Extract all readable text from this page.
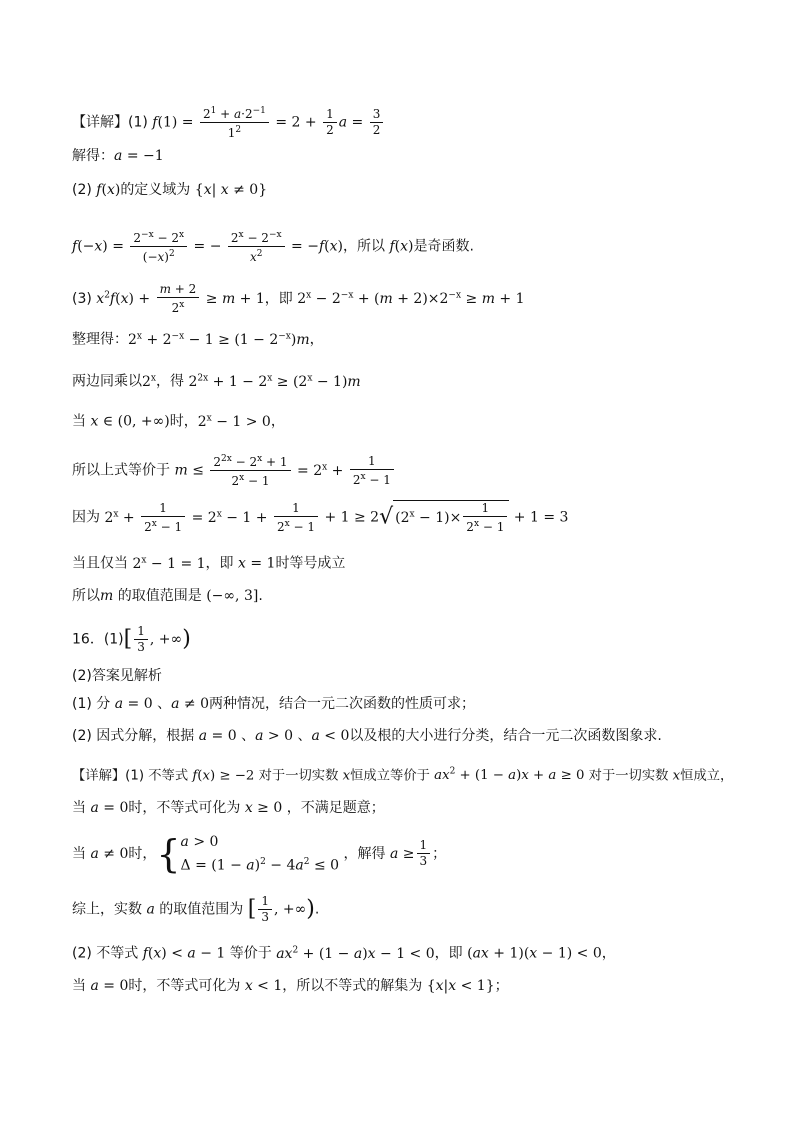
【详解】(1) $f(1) = \frac{2^1 + a\cdot 2^{-1}}{1^2} = 2 + \frac{1}{2}$ $a = \frac{3}{2}$
解得：a = −1
(2) f(x)的定义域为 {x| x ≠ 0}
$f(-x) = \frac{2^{-x} - 2^x}{(-x)^2}$ = − $\frac{2^x - 2^{-x}}{x^2} = -f(x)$，所以 f(x)是奇函数.
(3) $x^2f(x) + \frac{m + 2}{2^x} \ge m + 1$，即 $2^x - 2^{-x} + (m + 2)\times 2^{-x} \ge m + 1$
整理得：$2^x + 2^{-x} - 1 \ge (1 - 2^{-x})m$，
两边同乘以2$^x$，得 $2^{2x} + 1 - 2^x \ge (2^x - 1)m$
当 x ∈ (0, +∞)时，$2^x - 1 > 0$，
所以上式等价于 $m \le \frac{2^{2x} - 2^x + 1}{2^x - 1} = 2^x + \frac{1}{2^x - 1}$
因为 $2^x + \frac{1}{2^x - 1} = 2^x - 1 + \frac{1}{2^x - 1} + 1 \ge 2√$ $(2^x - 1)\times \frac{1}{2^x - 1} + 1 = 3$
当且仅当 $2^x - 1 = 1$，即 x = 1时等号成立
所以m 的取值范围是 (−∞, 3].
16．$(1)[ \frac{1}{3}$ , +∞)
(2)答案见解析
(1) 分 a = 0 、a ≠ 0两种情况，结合一元二次函数的性质可求；
(2) 因式分解，根据 a = 0 、a > 0 、a < 0以及根的大小进行分类，结合一元二次函数图象求.
【详解】(1) 不等式 f(x) ≥ −2 对于一切实数 x恒成立等价于 $ax^2 + (1 - a)x + a \ge 0$ 对于一切实数 x恒成立，
当 a = 0时，不等式可化为 x ≥ 0 ，不满足题意；
当 a ≠ 0时，{ a > 0
$\Delta = (1 - a)^2 - 4a^2 \le 0$
，解得 $a \ge \frac{1}{3}$ ；
综上，实数 a 的取值范围为 [ $\frac{1}{3}$ , +∞).
(2) 不等式 f(x) < a − 1 等价于 $ax^2 + (1 - a)x - 1 < 0$，即 (ax + 1)(x − 1) < 0，
当 a = 0时，不等式可化为 x < 1，所以不等式的解集为 {x|x < 1}；
